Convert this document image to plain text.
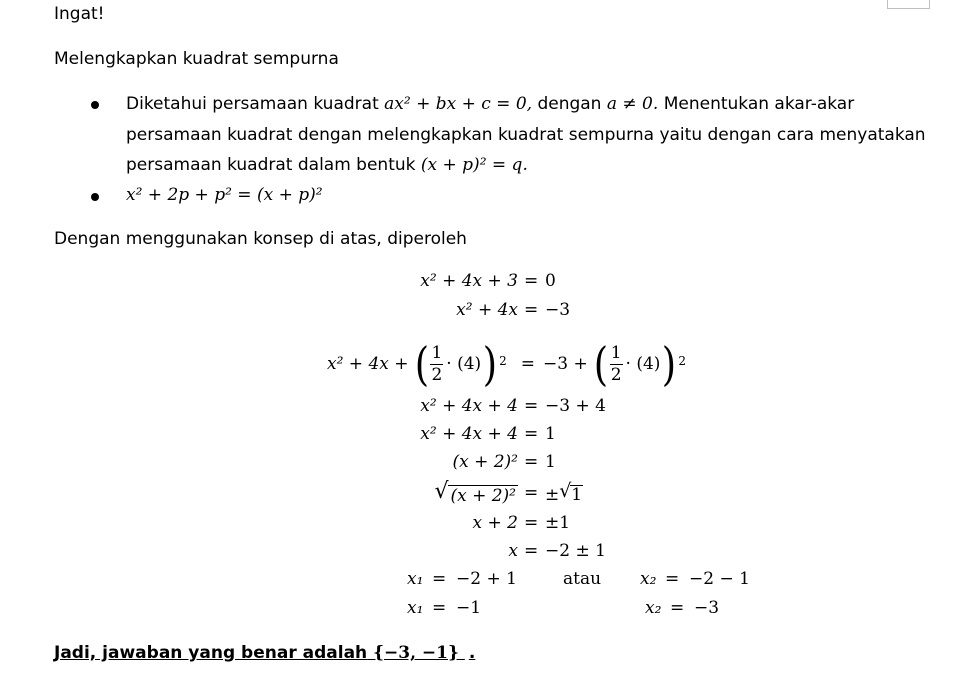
Ingat!
Melengkapkan kuadrat sempurna
Diketahui persamaan kuadrat ax² + bx + c = 0, dengan a ≠ 0. Menentukan akar-akar
persamaan kuadrat dengan melengkapkan kuadrat sempurna yaitu dengan cara menyatakan
persamaan kuadrat dalam bentuk (x + p)² = q.
x² + 2p + p² = (x + p)²
Dengan menggunakan konsep di atas, diperoleh
x² + 4x + 3 = 0
x² + 4x = −3
x² + 4x + ( $\frac{1}{2} \cdot (4)$ ) 2 = −3 + ( $\frac{1}{2} \cdot (4)$ ) 2
x² + 4x + 4 = −3 + 4
x² + 4x + 4 = 1
(x + 2)² = 1
√ (x + 2)² = ± √ 1
x + 2 = ±1
x = −2 ± 1
x₁ = −2 + 1	atau x₂ = −2 − 1
x₁ = −1	x₂ = −3
Jadi, jawaban yang benar adalah {−3, −1} .
